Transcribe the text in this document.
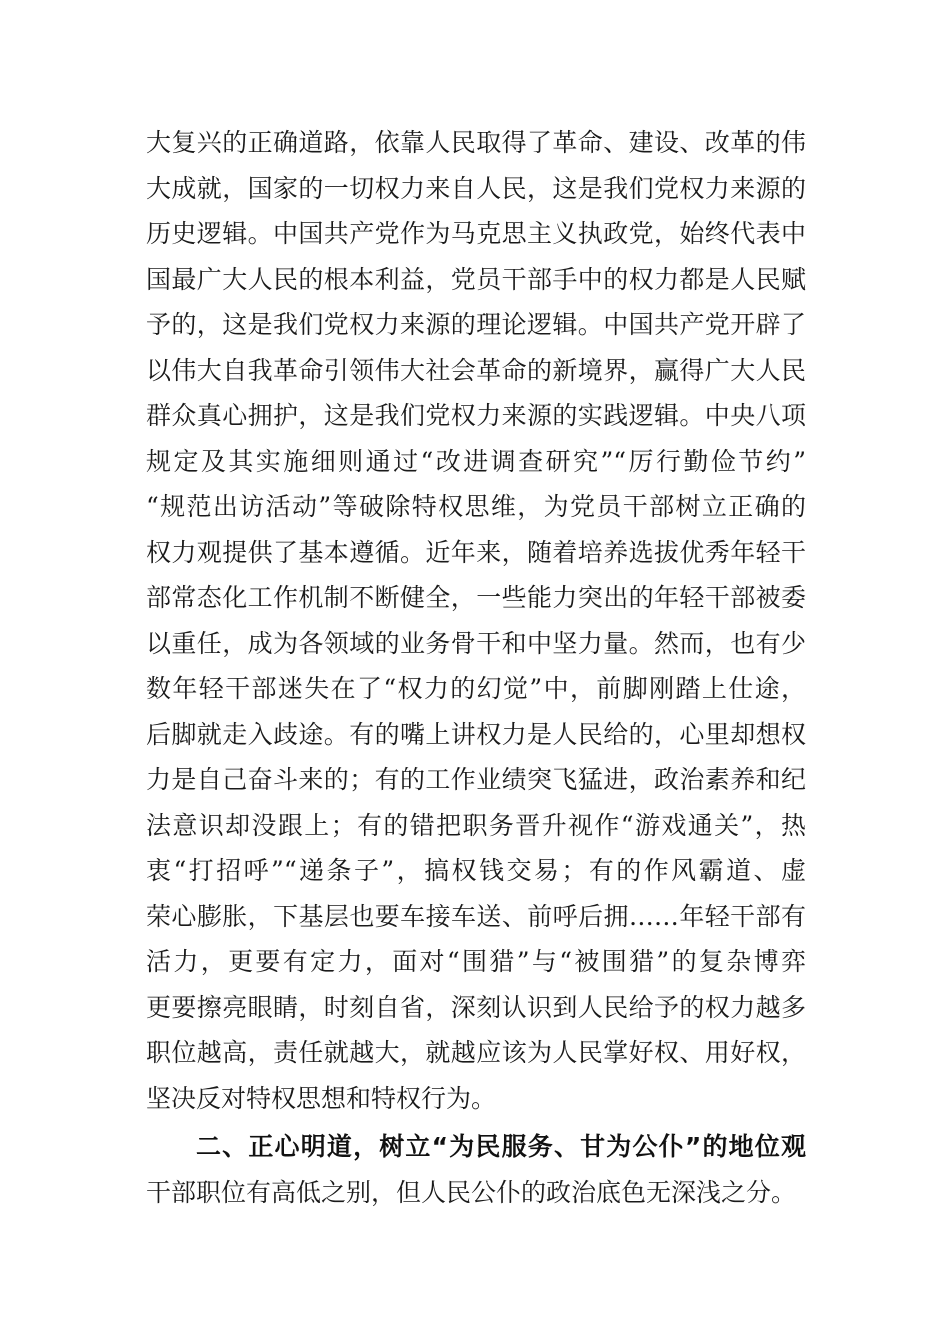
大复兴的正确道路，依靠人民取得了革命、建设、改革的伟
大成就，国家的一切权力来自人民，这是我们党权力来源的
历史逻辑。中国共产党作为马克思主义执政党，始终代表中
国最广大人民的根本利益，党员干部手中的权力都是人民赋
予的，这是我们党权力来源的理论逻辑。中国共产党开辟了
以伟大自我革命引领伟大社会革命的新境界，赢得广大人民
群众真心拥护，这是我们党权力来源的实践逻辑。中央八项
规定及其实施细则通过“改进调查研究”“厉行勤俭节约”
“规范出访活动”等破除特权思维，为党员干部树立正确的
权力观提供了基本遵循。近年来，随着培养选拔优秀年轻干
部常态化工作机制不断健全，一些能力突出的年轻干部被委
以重任，成为各领域的业务骨干和中坚力量。然而，也有少
数年轻干部迷失在了“权力的幻觉”中，前脚刚踏上仕途，
后脚就走入歧途。有的嘴上讲权力是人民给的，心里却想权
力是自己奋斗来的；有的工作业绩突飞猛进，政治素养和纪
法意识却没跟上；有的错把职务晋升视作“游戏通关”，热
衷“打招呼”“递条子”，搞权钱交易；有的作风霸道、虚
荣心膨胀，下基层也要车接车送、前呼后拥……年轻干部有
活力，更要有定力，面对“围猎”与“被围猎”的复杂博弈
更要擦亮眼睛，时刻自省，深刻认识到人民给予的权力越多
职位越高，责任就越大，就越应该为人民掌好权、用好权，
坚决反对特权思想和特权行为。
二、正心明道，树立“为民服务、甘为公仆”的地位观
干部职位有高低之别，但人民公仆的政治底色无深浅之分。
